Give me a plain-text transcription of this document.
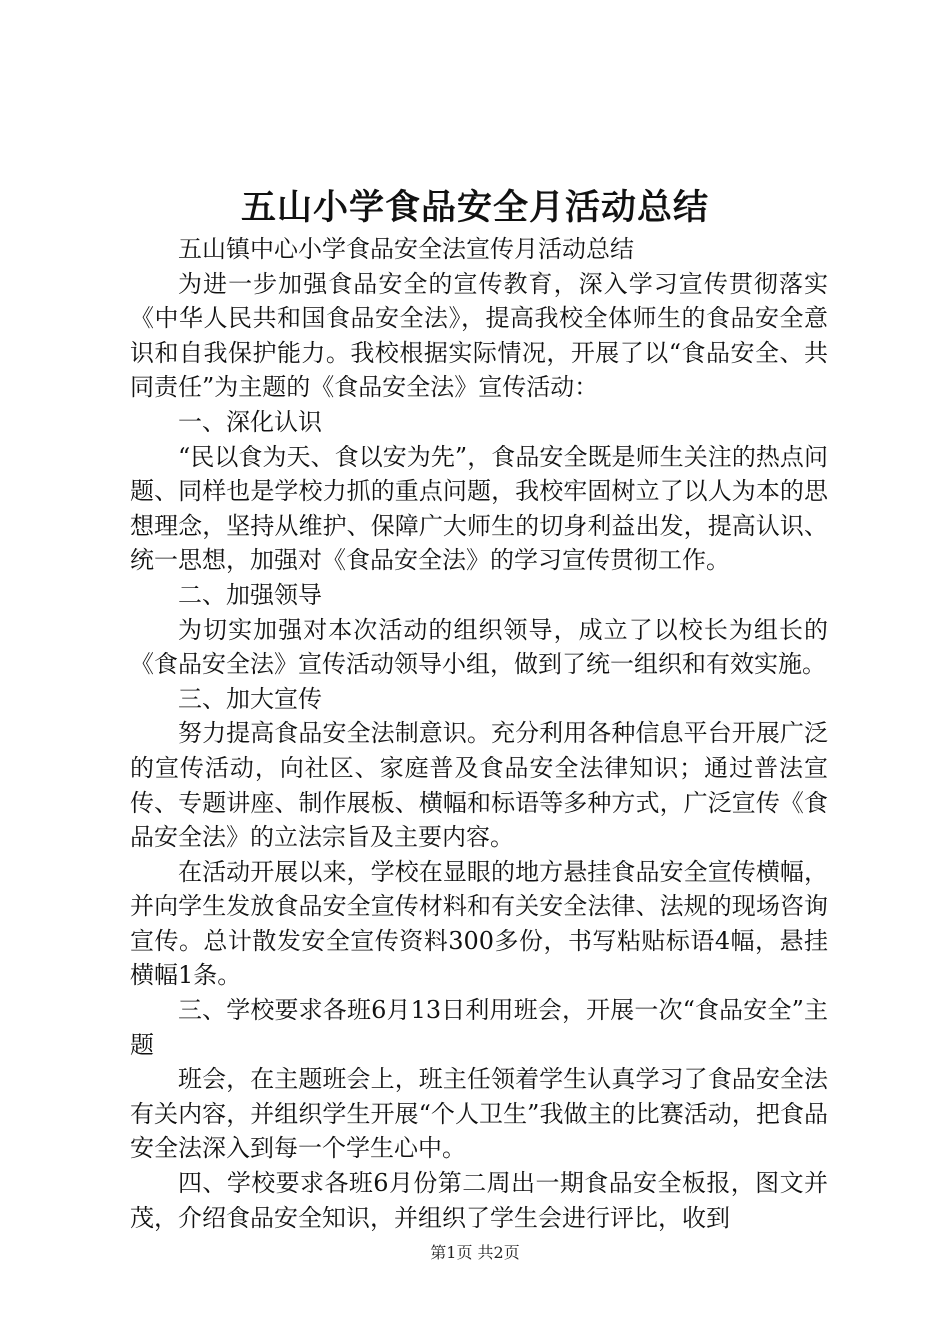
五山小学食品安全月活动总结

五山镇中心小学食品安全法宣传月活动总结

为进一步加强食品安全的宣传教育，深入学习宣传贯彻落实《中华人民共和国食品安全法》，提高我校全体师生的食品安全意识和自我保护能力。我校根据实际情况，开展了以“食品安全、共同责任”为主题的《食品安全法》宣传活动：

一、深化认识

“民以食为天、食以安为先”，食品安全既是师生关注的热点问题、同样也是学校力抓的重点问题，我校牢固树立了以人为本的思想理念，坚持从维护、保障广大师生的切身利益出发，提高认识、统一思想，加强对《食品安全法》的学习宣传贯彻工作。

二、加强领导

为切实加强对本次活动的组织领导，成立了以校长为组长的《食品安全法》宣传活动领导小组，做到了统一组织和有效实施。

三、加大宣传

努力提高食品安全法制意识。充分利用各种信息平台开展广泛的宣传活动，向社区、家庭普及食品安全法律知识；通过普法宣传、专题讲座、制作展板、横幅和标语等多种方式，广泛宣传《食品安全法》的立法宗旨及主要内容。

在活动开展以来，学校在显眼的地方悬挂食品安全宣传横幅，并向学生发放食品安全宣传材料和有关安全法律、法规的现场咨询宣传。总计散发安全宣传资料300多份，书写粘贴标语4幅，悬挂横幅1条。

三、学校要求各班6月13日利用班会，开展一次“食品安全”主题

班会，在主题班会上，班主任领着学生认真学习了食品安全法有关内容，并组织学生开展“个人卫生”我做主的比赛活动，把食品安全法深入到每一个学生心中。

四、学校要求各班6月份第二周出一期食品安全板报，图文并茂，介绍食品安全知识，并组织了学生会进行评比，收到

第1页 共2页
